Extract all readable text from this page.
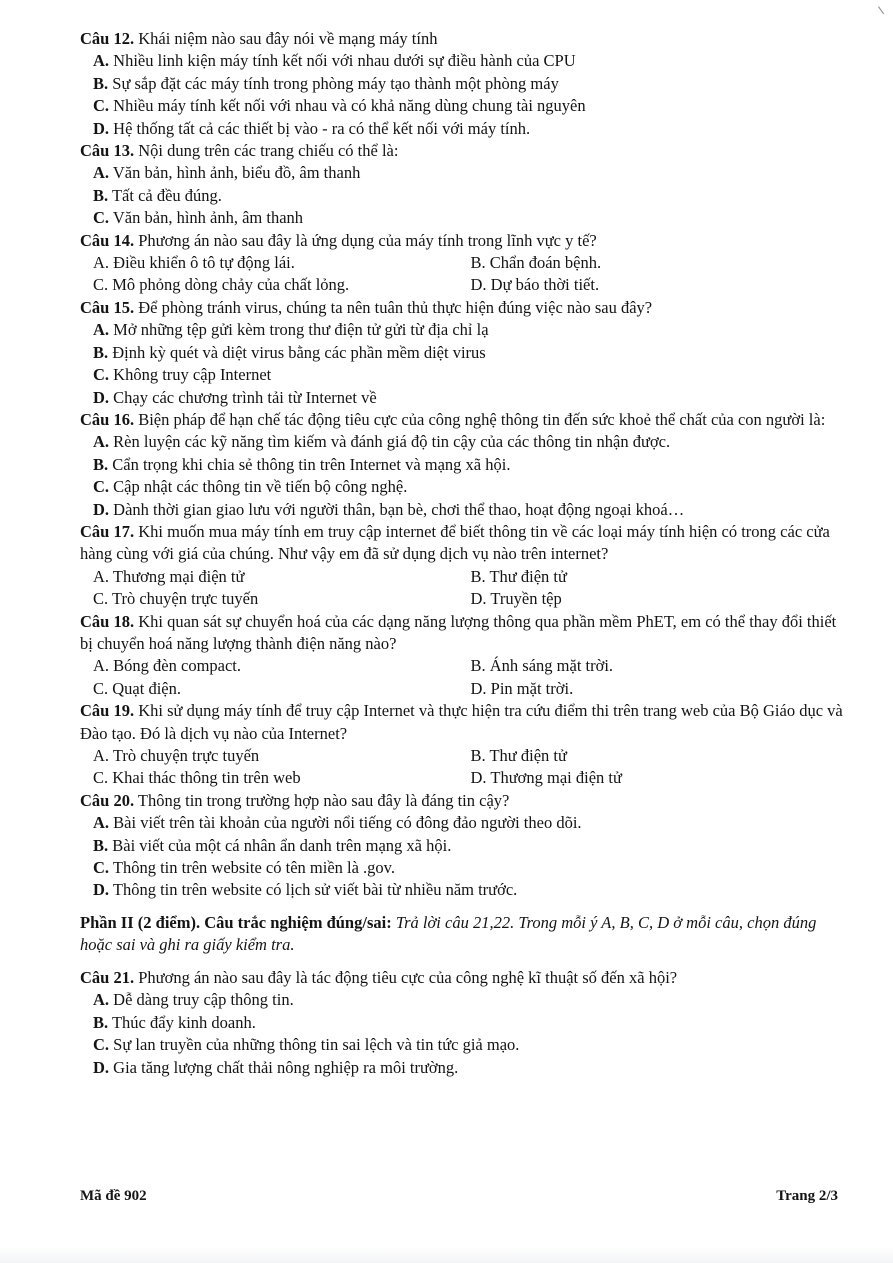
Câu 12. Khái niệm nào sau đây nói về mạng máy tính
A. Nhiều linh kiện máy tính kết nối với nhau dưới sự điều hành của CPU
B. Sự sắp đặt các máy tính trong phòng máy tạo thành một phòng máy
C. Nhiều máy tính kết nối với nhau và có khả năng dùng chung tài nguyên
D. Hệ thống tất cả các thiết bị vào - ra có thể kết nối với máy tính.
Câu 13. Nội dung trên các trang chiếu có thể là:
A. Văn bản, hình ảnh, biểu đồ, âm thanh
B. Tất cả đều đúng.
C. Văn bản, hình ảnh, âm thanh
Câu 14. Phương án nào sau đây là ứng dụng của máy tính trong lĩnh vực y tế?
A. Điều khiển ô tô tự động lái.	B. Chẩn đoán bệnh.
C. Mô phỏng dòng chảy của chất lỏng.	D. Dự báo thời tiết.
Câu 15. Để phòng tránh virus, chúng ta nên tuân thủ thực hiện đúng việc nào sau đây?
A. Mở những tệp gửi kèm trong thư điện tử gửi từ địa chỉ lạ
B. Định kỳ quét và diệt virus bằng các phần mềm diệt virus
C. Không truy cập Internet
D. Chạy các chương trình tải từ Internet về
Câu 16. Biện pháp để hạn chế tác động tiêu cực của công nghệ thông tin đến sức khoẻ thể chất của con người là:
A. Rèn luyện các kỹ năng tìm kiếm và đánh giá độ tin cậy của các thông tin nhận được.
B. Cẩn trọng khi chia sẻ thông tin trên Internet và mạng xã hội.
C. Cập nhật các thông tin về tiến bộ công nghệ.
D. Dành thời gian giao lưu với người thân, bạn bè, chơi thể thao, hoạt động ngoại khoá…
Câu 17. Khi muốn mua máy tính em truy cập internet để biết thông tin về các loại máy tính hiện có trong các cửa hàng cùng với giá của chúng. Như vậy em đã sử dụng dịch vụ nào trên internet?
A. Thương mại điện tử	B. Thư điện tử
C. Trò chuyện trực tuyến	D. Truyền tệp
Câu 18. Khi quan sát sự chuyển hoá của các dạng năng lượng thông qua phần mềm PhET, em có thể thay đổi thiết bị chuyển hoá năng lượng thành điện năng nào?
A. Bóng đèn compact.	B. Ánh sáng mặt trời.
C. Quạt điện.	D. Pin mặt trời.
Câu 19. Khi sử dụng máy tính để truy cập Internet và thực hiện tra cứu điểm thi trên trang web của Bộ Giáo dục và Đào tạo. Đó là dịch vụ nào của Internet?
A. Trò chuyện trực tuyến	B. Thư điện tử
C. Khai thác thông tin trên web	D. Thương mại điện tử
Câu 20. Thông tin trong trường hợp nào sau đây là đáng tin cậy?
A. Bài viết trên tài khoản của người nổi tiếng có đông đảo người theo dõi.
B. Bài viết của một cá nhân ẩn danh trên mạng xã hội.
C. Thông tin trên website có tên miền là .gov.
D. Thông tin trên website có lịch sử viết bài từ nhiều năm trước.
Phần II (2 điểm). Câu trắc nghiệm đúng/sai: Trả lời câu 21,22. Trong mỗi ý A, B, C, D ở mỗi câu, chọn đúng hoặc sai và ghi ra giấy kiểm tra.
Câu 21. Phương án nào sau đây là tác động tiêu cực của công nghệ kĩ thuật số đến xã hội?
A. Dễ dàng truy cập thông tin.
B. Thúc đẩy kinh doanh.
C. Sự lan truyền của những thông tin sai lệch và tin tức giả mạo.
D. Gia tăng lượng chất thải nông nghiệp ra môi trường.
Mã đề 902	Trang 2/3
